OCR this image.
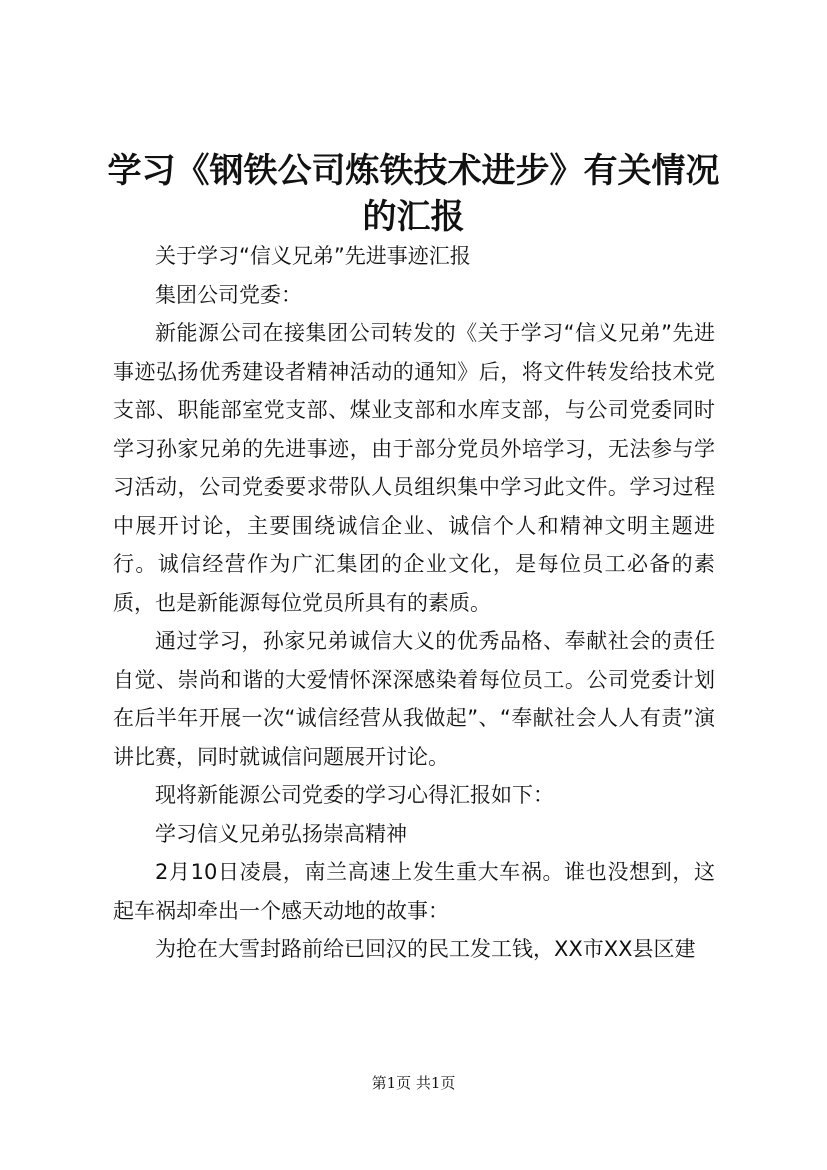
学习《钢铁公司炼铁技术进步》有关情况的汇报

关于学习“信义兄弟”先进事迹汇报

集团公司党委：

新能源公司在接集团公司转发的《关于学习“信义兄弟”先进事迹弘扬优秀建设者精神活动的通知》后，将文件转发给技术党支部、职能部室党支部、煤业支部和水库支部，与公司党委同时学习孙家兄弟的先进事迹，由于部分党员外培学习，无法参与学习活动，公司党委要求带队人员组织集中学习此文件。学习过程中展开讨论，主要围绕诚信企业、诚信个人和精神文明主题进行。诚信经营作为广汇集团的企业文化，是每位员工必备的素质，也是新能源每位党员所具有的素质。

通过学习，孙家兄弟诚信大义的优秀品格、奉献社会的责任自觉、崇尚和谐的大爱情怀深深感染着每位员工。公司党委计划在后半年开展一次“诚信经营从我做起”、“奉献社会人人有责”演讲比赛，同时就诚信问题展开讨论。

现将新能源公司党委的学习心得汇报如下：

学习信义兄弟弘扬崇高精神

2月10日凌晨，南兰高速上发生重大车祸。谁也没想到，这起车祸却牵出一个感天动地的故事：

为抢在大雪封路前给已回汉的民工发工钱，XX市XX县区建

第1页 共1页
